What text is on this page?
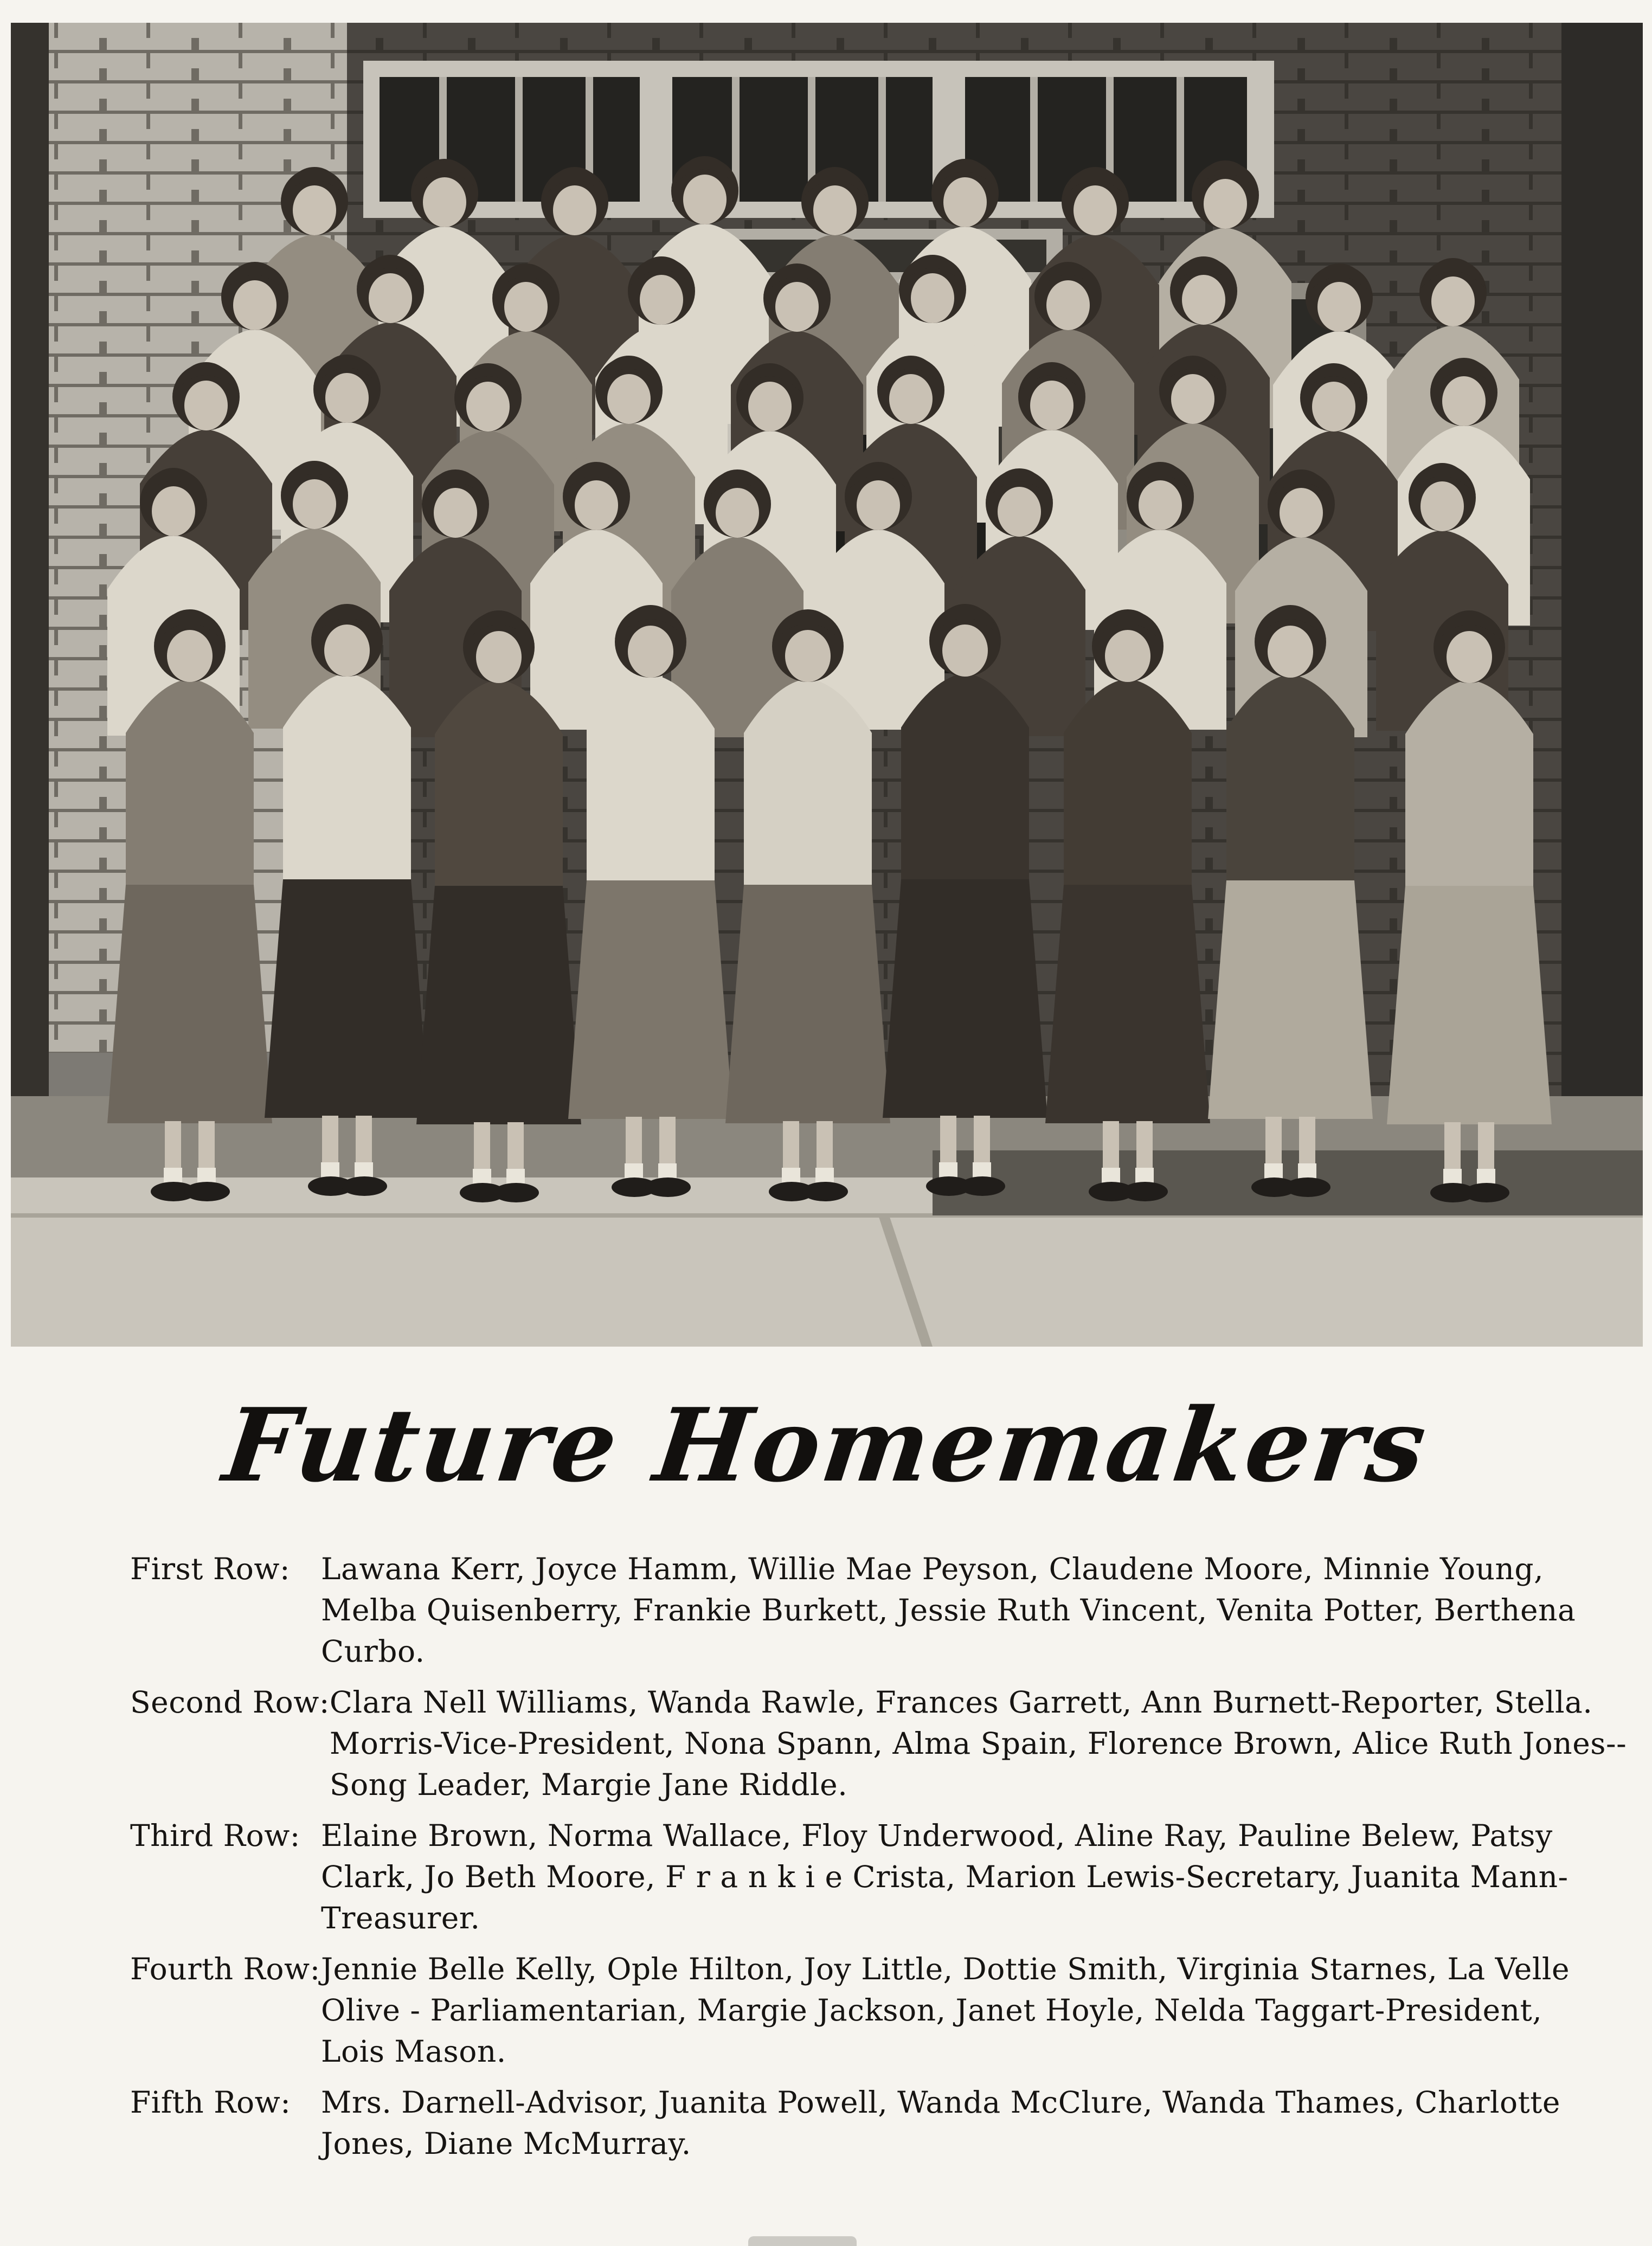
Future Homemakers
First Row:	Lawana Kerr, Joyce Hamm, Willie Mae Peyson, Claudene Moore, Minnie Young,
Melba Quisenberry, Frankie Burkett, Jessie Ruth Vincent, Venita Potter, Berthena
Curbo.
Second Row: Clara Nell Williams, Wanda Rawle, Frances Garrett, Ann Burnett-Reporter, Stella.
Morris-Vice-President, Nona Spann, Alma Spain, Florence Brown, Alice Ruth Jones--
Song Leader, Margie Jane Riddle.
Third Row: Elaine Brown, Norma Wallace, Floy Underwood, Aline Ray, Pauline Belew, Patsy
Clark, Jo Beth Moore, F r a n k i e Crista, Marion Lewis-Secretary, Juanita Mann-
Treasurer.
Fourth Row: Jennie Belle Kelly, Ople Hilton, Joy Little, Dottie Smith, Virginia Starnes, La Velle
Olive - Parliamentarian, Margie Jackson, Janet Hoyle, Nelda Taggart-President,
Lois Mason.
Fifth Row:	Mrs. Darnell-Advisor, Juanita Powell, Wanda McClure, Wanda Thames, Charlotte
Jones, Diane McMurray.
